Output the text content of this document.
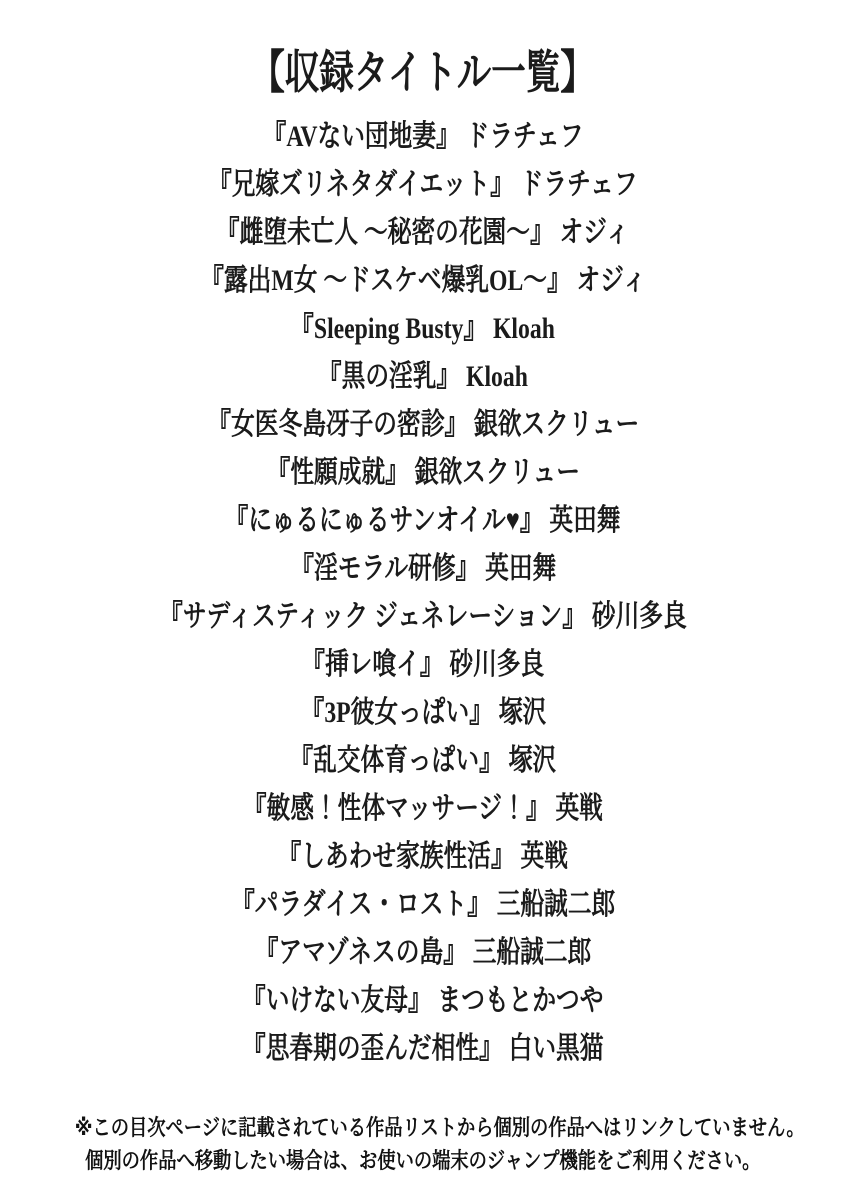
【収録タイトル一覧】
『AVない団地妻』 ドラチェフ
『兄嫁ズリネタダイエット』 ドラチェフ
『雌堕未亡人 ～秘密の花園～』 オジィ
『露出M女 ～ドスケベ爆乳OL～』 オジィ
『Sleeping Busty』 Kloah
『黒の淫乳』 Kloah
『女医冬島冴子の密診』 銀欲スクリュー
『性願成就』 銀欲スクリュー
『にゅるにゅるサンオイル♥』 英田舞
『淫モラル研修』 英田舞
『サディスティック ジェネレーション』 砂川多良
『挿レ喰イ』 砂川多良
『3P彼女っぱい』 塚沢
『乱交体育っぱい』 塚沢
『敏感！性体マッサージ！』 英戦
『しあわせ家族性活』 英戦
『パラダイス・ロスト』 三船誠二郎
『アマゾネスの島』 三船誠二郎
『いけない友母』 まつもとかつや
『思春期の歪んだ相性』 白い黒猫
※この目次ページに記載されている作品リストから個別の作品へはリンクしていません。
個別の作品へ移動したい場合は、お使いの端末のジャンプ機能をご利用ください。
